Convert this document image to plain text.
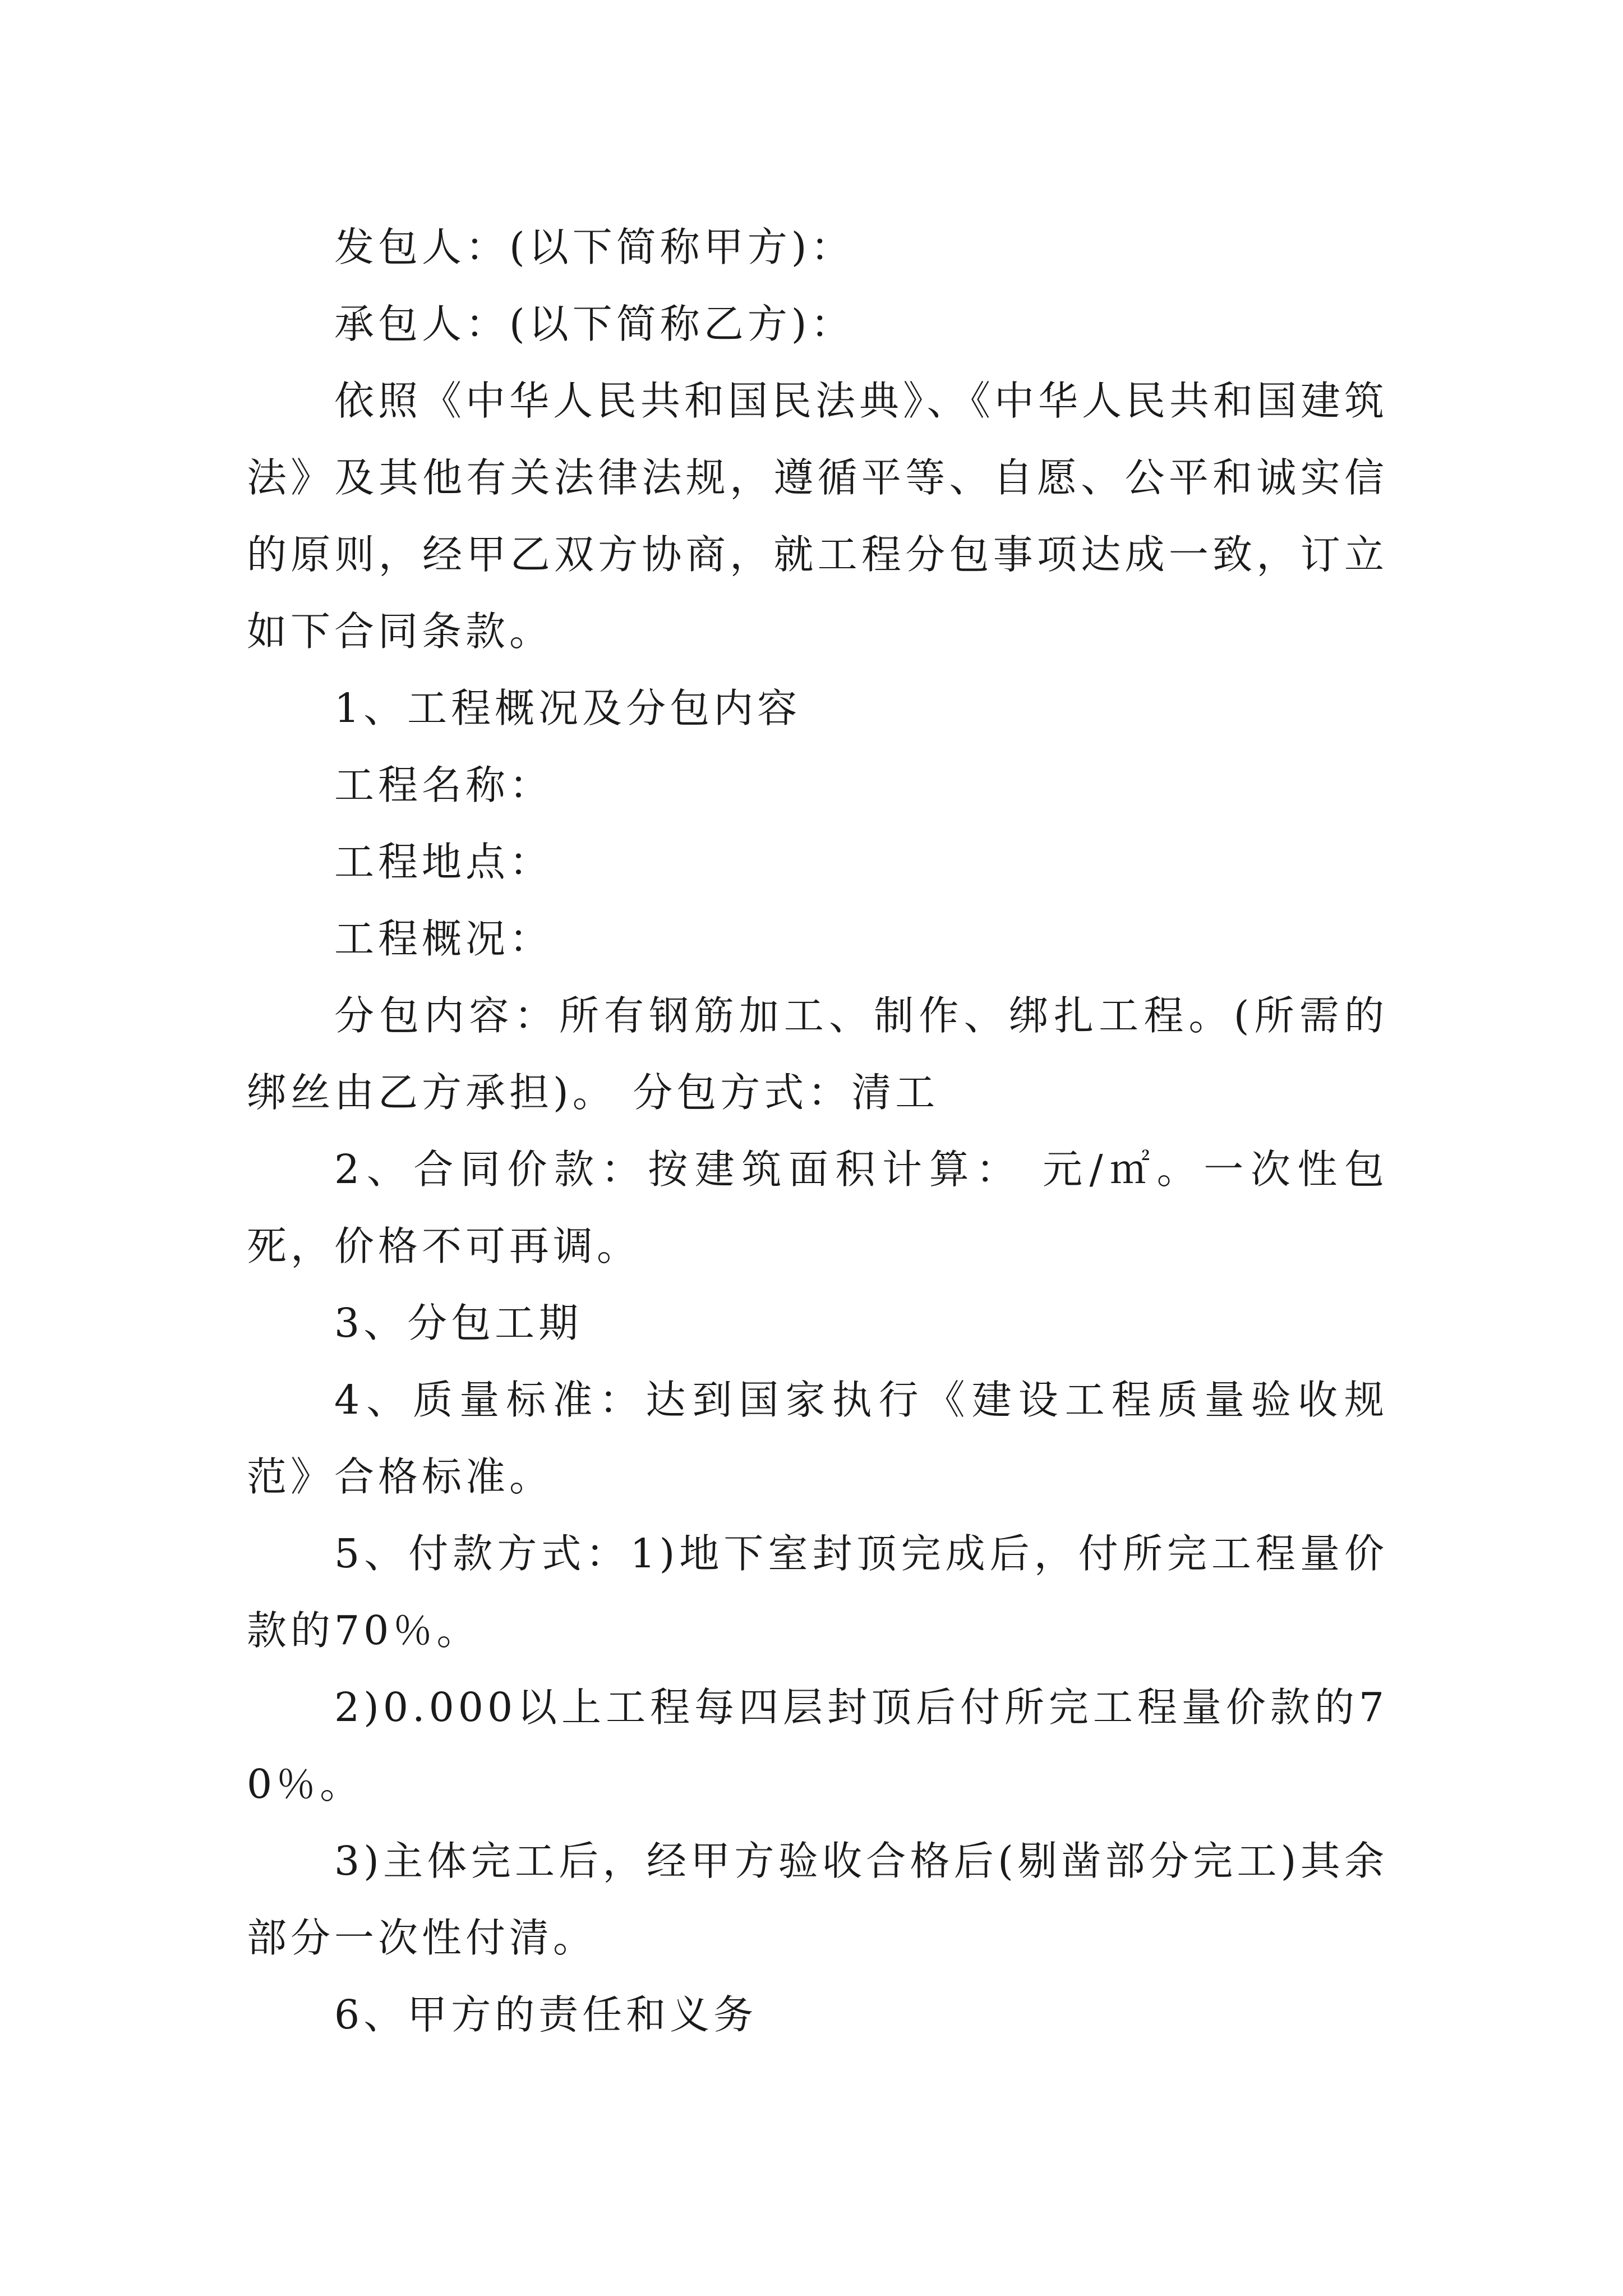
发包人：(以下简称甲方)：

承包人：(以下简称乙方)：

依照《中华人民共和国民法典》、《中华人民共和国建筑法》及其他有关法律法规，遵循平等、自愿、公平和诚实信的原则，经甲乙双方协商，就工程分包事项达成一致，订立如下合同条款。

1、工程概况及分包内容

工程名称：

工程地点：

工程概况：

分包内容：所有钢筋加工、制作、绑扎工程。(所需的绑丝由乙方承担)。 分包方式：清工

2、合同价款：按建筑面积计算： 元/㎡。一次性包死，价格不可再调。

3、分包工期

4、质量标准：达到国家执行《建设工程质量验收规范》合格标准。

5、付款方式：1)地下室封顶完成后，付所完工程量价款的70％。

2)0.000以上工程每四层封顶后付所完工程量价款的70％。

3)主体完工后，经甲方验收合格后(剔凿部分完工)其余部分一次性付清。

6、甲方的责任和义务
